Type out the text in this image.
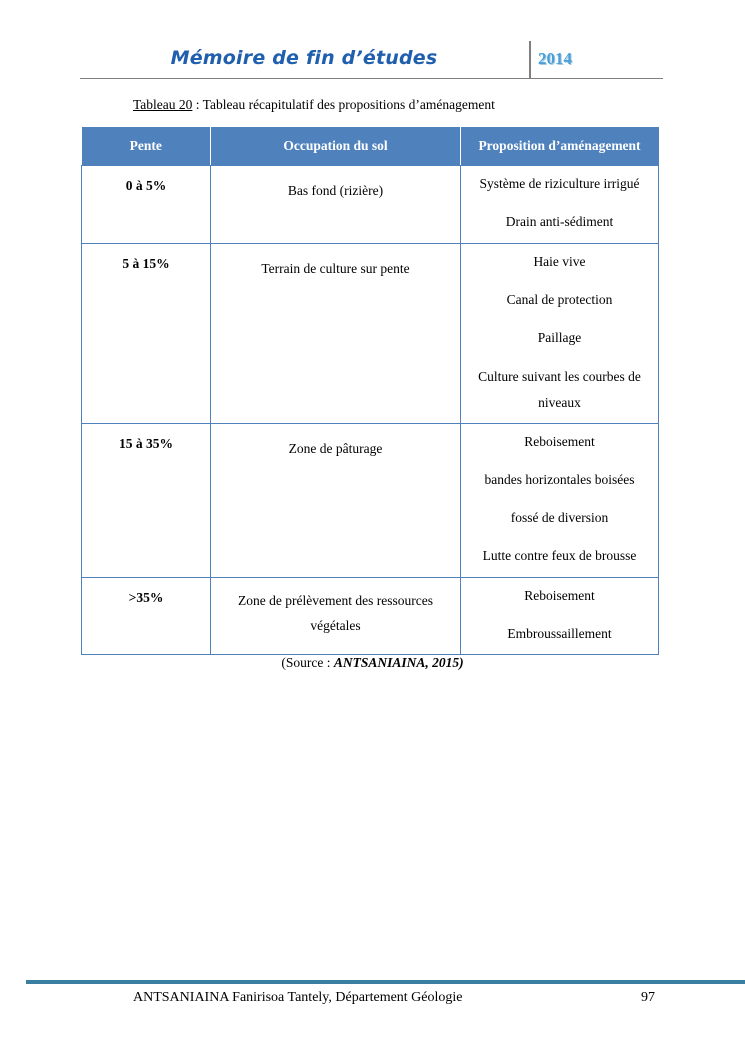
Mémoire de fin d’études	2014
Tableau 20 : Tableau récapitulatif des propositions d’aménagement
Pente	Occupation du sol	Proposition d’aménagement
0 à 5%	Bas fond (rizière)	Système de riziculture irrigué
Drain anti-sédiment

5 à 15%	Terrain de culture sur pente	Haie vive
Canal de protection
Paillage
Culture suivant les courbes de niveaux

15 à 35%	Zone de pâturage	Reboisement
bandes horizontales boisées
fossé de diversion
Lutte contre feux de brousse

>35%	Zone de prélèvement des ressources végétales	Reboisement
Embroussaillement
(Source : ANTSANIAINA, 2015)
ANTSANIAINA Fanirisoa Tantely, Département Géologie	97
